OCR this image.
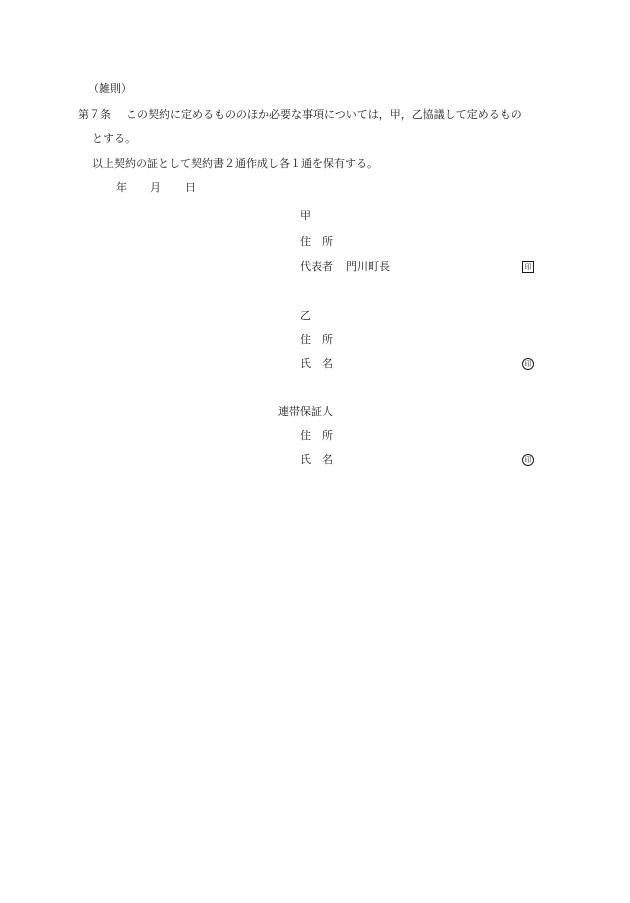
（雑則）
第７条 この契約に定めるもののほか必要な事項については，甲，乙協議して定めるもの
とする。
以上契約の証として契約書２通作成し各１通を保有する。
年 月 日
甲
住　所
代表者 門川町長	印
乙
住　所
氏　名	印
連帯保証人
住　所
氏　名	印
